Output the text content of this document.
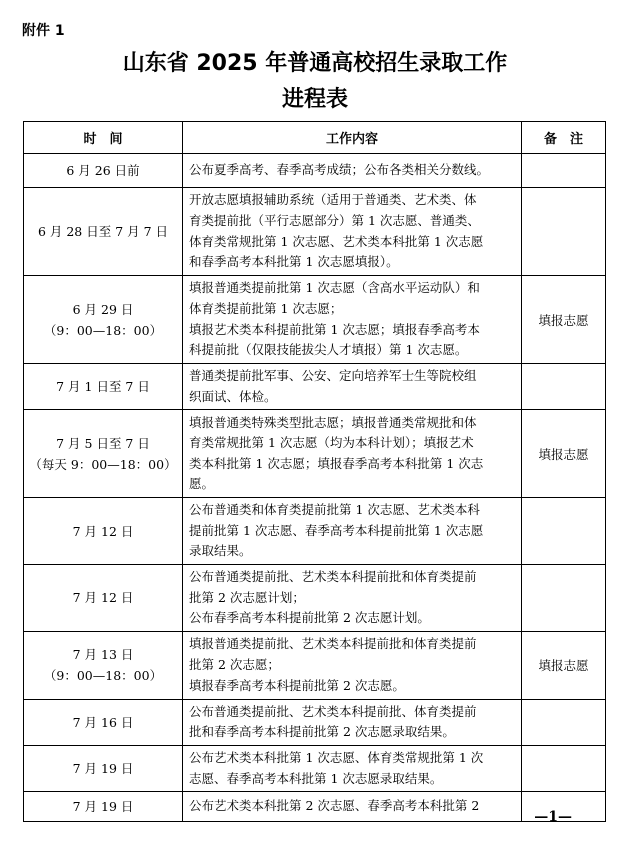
附件 1
山东省 2025 年普通高校招生录取工作
进程表
时　间	工作内容	备　注

6 月 26 日前	公布夏季高考、春季高考成绩；公布各类相关分数线。	

6 月 28 日至 7 月 7 日	开放志愿填报辅助系统（适用于普通类、艺术类、体
育类提前批（平行志愿部分）第 1 次志愿、普通类、
体育类常规批第 1 次志愿、艺术类本科批第 1 次志愿
和春季高考本科批第 1 次志愿填报）。	

6 月 29 日
（9：00—18：00）	填报普通类提前批第 1 次志愿（含高水平运动队）和
体育类提前批第 1 次志愿；
填报艺术类本科提前批第 1 次志愿；填报春季高考本
科提前批（仅限技能拔尖人才填报）第 1 次志愿。	填报志愿

7 月 1 日至 7 日	普通类提前批军事、公安、定向培养军士生等院校组
织面试、体检。	

7 月 5 日至 7 日
（每天 9：00—18：00）	填报普通类特殊类型批志愿；填报普通类常规批和体
育类常规批第 1 次志愿（均为本科计划）；填报艺术
类本科批第 1 次志愿；填报春季高考本科批第 1 次志
愿。	填报志愿

7 月 12 日	公布普通类和体育类提前批第 1 次志愿、艺术类本科
提前批第 1 次志愿、春季高考本科提前批第 1 次志愿
录取结果。	

7 月 12 日	公布普通类提前批、艺术类本科提前批和体育类提前
批第 2 次志愿计划；
公布春季高考本科提前批第 2 次志愿计划。	

7 月 13 日
（9：00—18：00）	填报普通类提前批、艺术类本科提前批和体育类提前
批第 2 次志愿；
填报春季高考本科提前批第 2 次志愿。	填报志愿

7 月 16 日	公布普通类提前批、艺术类本科提前批、体育类提前
批和春季高考本科提前批第 2 次志愿录取结果。	

7 月 19 日	公布艺术类本科批第 1 次志愿、体育类常规批第 1 次
志愿、春季高考本科批第 1 次志愿录取结果。	

7 月 19 日	公布艺术类本科批第 2 次志愿、春季高考本科批第 2	

—1—
